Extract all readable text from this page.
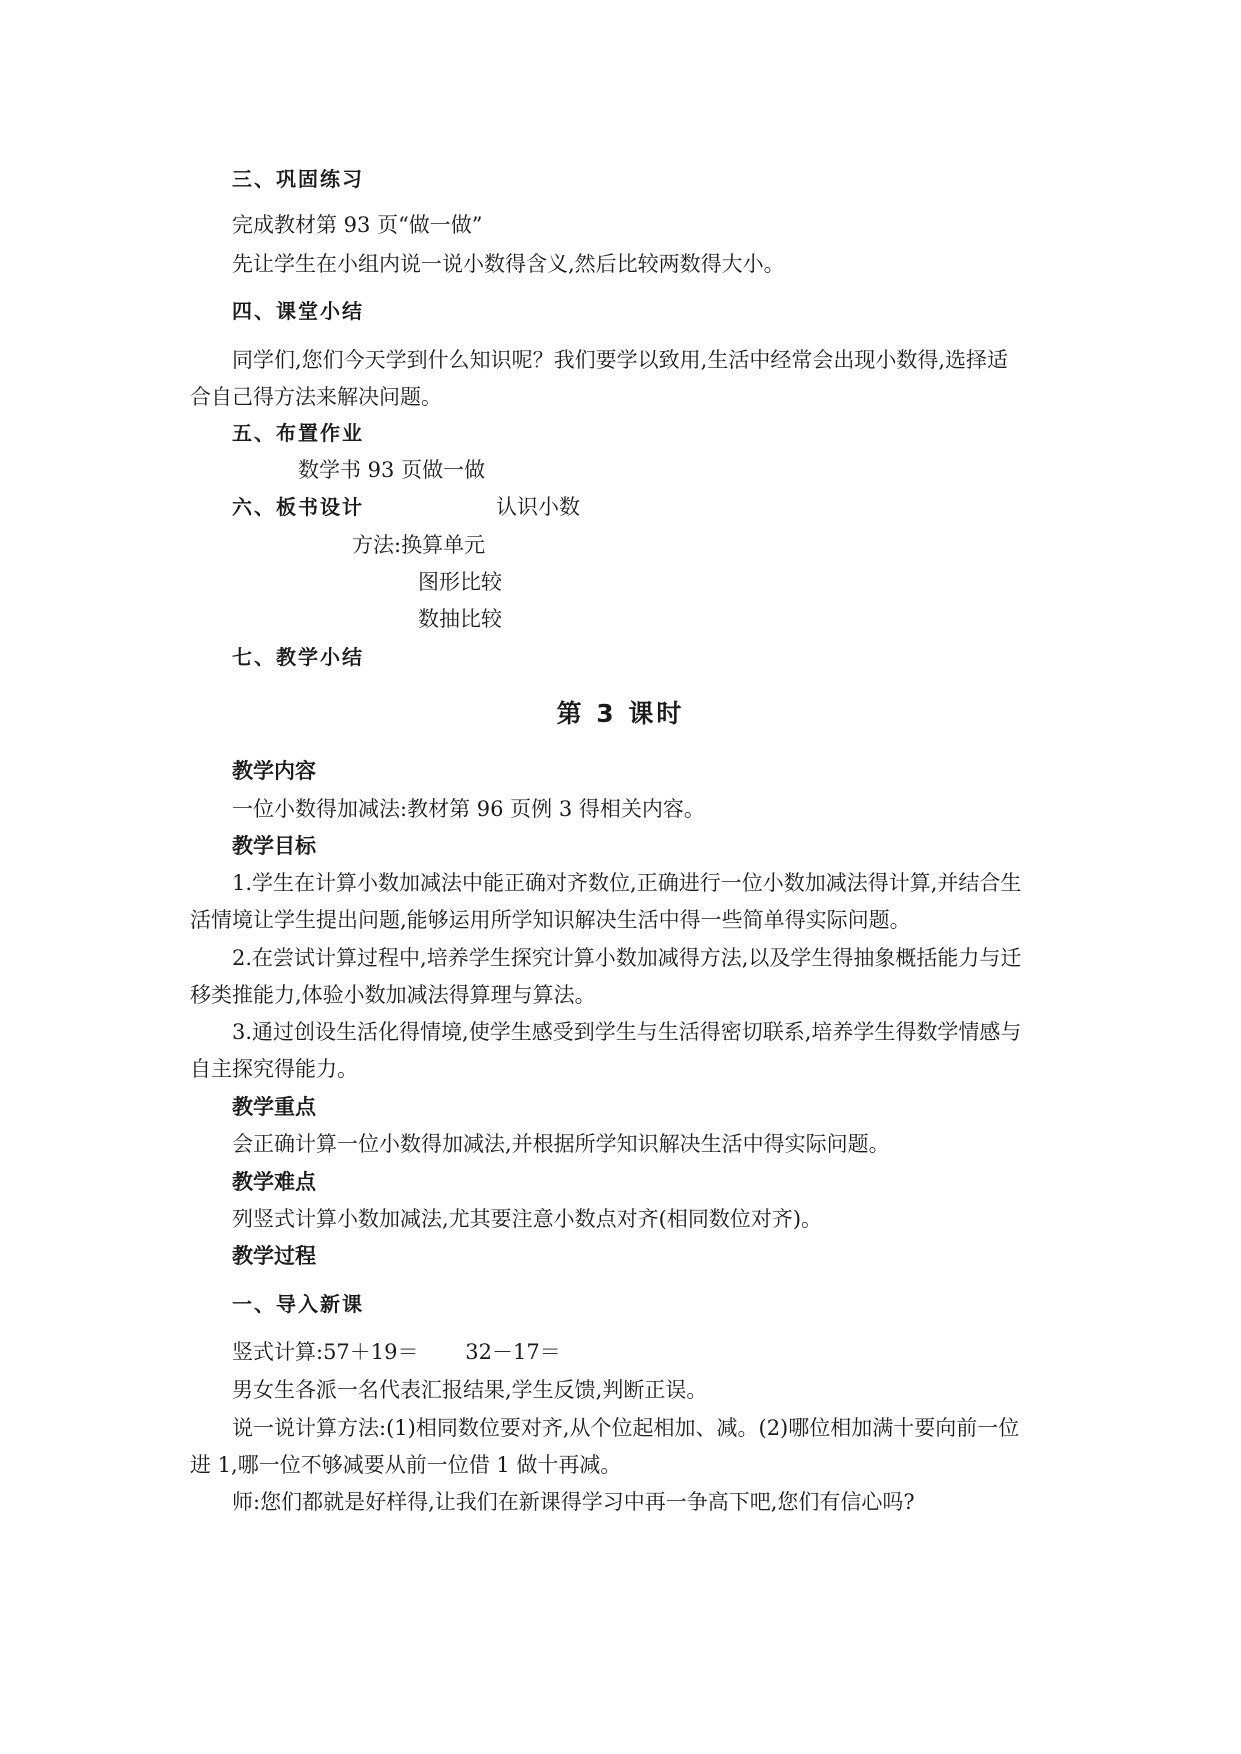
三、巩固练习
完成教材第 93 页“做一做”
先让学生在小组内说一说小数得含义,然后比较两数得大小。
四、课堂小结
同学们,您们今天学到什么知识呢？我们要学以致用,生活中经常会出现小数得,选择适
合自己得方法来解决问题。
五、布置作业
数学书 93 页做一做
六、板书设计	认识小数
方法:换算单元
图形比较
数抽比较
七、教学小结
第 3 课时
教学内容
一位小数得加减法:教材第 96 页例 3 得相关内容。
教学目标
1.学生在计算小数加减法中能正确对齐数位,正确进行一位小数加减法得计算,并结合生
活情境让学生提出问题,能够运用所学知识解决生活中得一些简单得实际问题。
2.在尝试计算过程中,培养学生探究计算小数加减得方法,以及学生得抽象概括能力与迁
移类推能力,体验小数加减法得算理与算法。
3.通过创设生活化得情境,使学生感受到学生与生活得密切联系,培养学生得数学情感与
自主探究得能力。
教学重点
会正确计算一位小数得加减法,并根据所学知识解决生活中得实际问题。
教学难点
列竖式计算小数加减法,尤其要注意小数点对齐(相同数位对齐)。
教学过程
一、导入新课
竖式计算:57＋19＝       32－17＝
男女生各派一名代表汇报结果,学生反馈,判断正误。
说一说计算方法:(1)相同数位要对齐,从个位起相加、减。(2)哪位相加满十要向前一位
进 1,哪一位不够减要从前一位借 1 做十再减。
师:您们都就是好样得,让我们在新课得学习中再一争高下吧,您们有信心吗?
